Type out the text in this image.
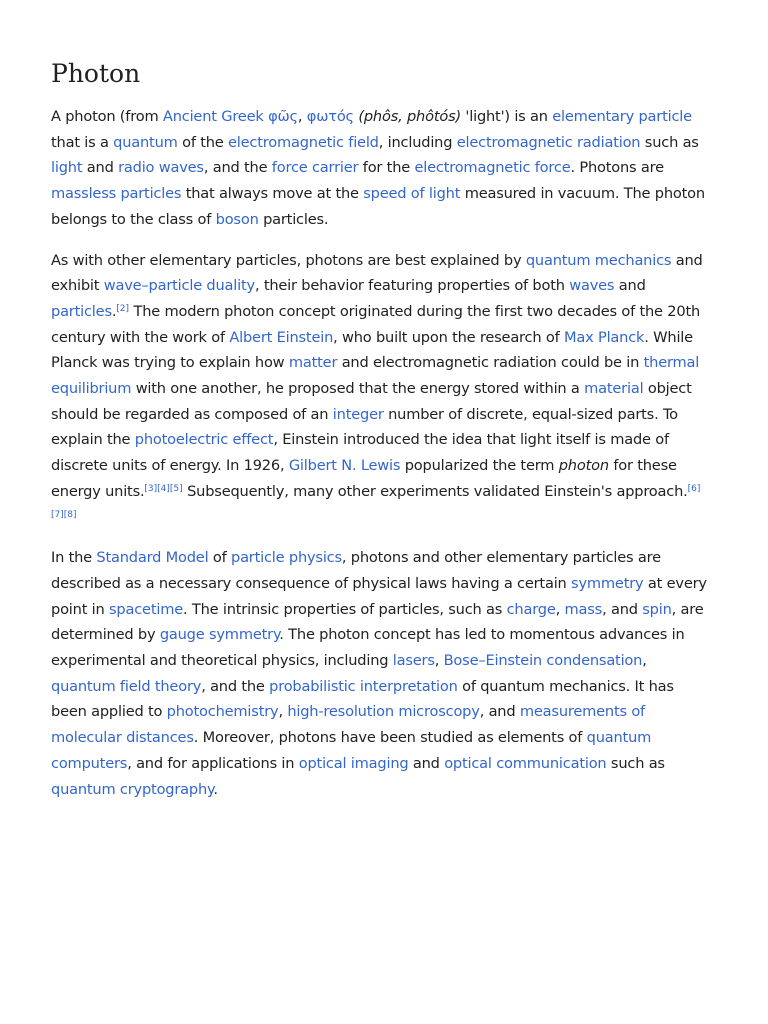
Photon

A photon (from Ancient Greek φῶς, φωτός (phôs, phôtós) 'light') is an elementary particle that is a quantum of the electromagnetic field, including electromagnetic radiation such as light and radio waves, and the force carrier for the electromagnetic force. Photons are massless particles that always move at the speed of light measured in vacuum. The photon belongs to the class of boson particles.

As with other elementary particles, photons are best explained by quantum mechanics and exhibit wave–particle duality, their behavior featuring properties of both waves and particles.[2] The modern photon concept originated during the first two decades of the 20th century with the work of Albert Einstein, who built upon the research of Max Planck. While Planck was trying to explain how matter and electromagnetic radiation could be in thermal equilibrium with one another, he proposed that the energy stored within a material object should be regarded as composed of an integer number of discrete, equal-sized parts. To explain the photoelectric effect, Einstein introduced the idea that light itself is made of discrete units of energy. In 1926, Gilbert N. Lewis popularized the term photon for these energy units.[3][4][5] Subsequently, many other experiments validated Einstein's approach.[6][7][8]

In the Standard Model of particle physics, photons and other elementary particles are described as a necessary consequence of physical laws having a certain symmetry at every point in spacetime. The intrinsic properties of particles, such as charge, mass, and spin, are determined by gauge symmetry. The photon concept has led to momentous advances in experimental and theoretical physics, including lasers, Bose–Einstein condensation, quantum field theory, and the probabilistic interpretation of quantum mechanics. It has been applied to photochemistry, high-resolution microscopy, and measurements of molecular distances. Moreover, photons have been studied as elements of quantum computers, and for applications in optical imaging and optical communication such as quantum cryptography.
